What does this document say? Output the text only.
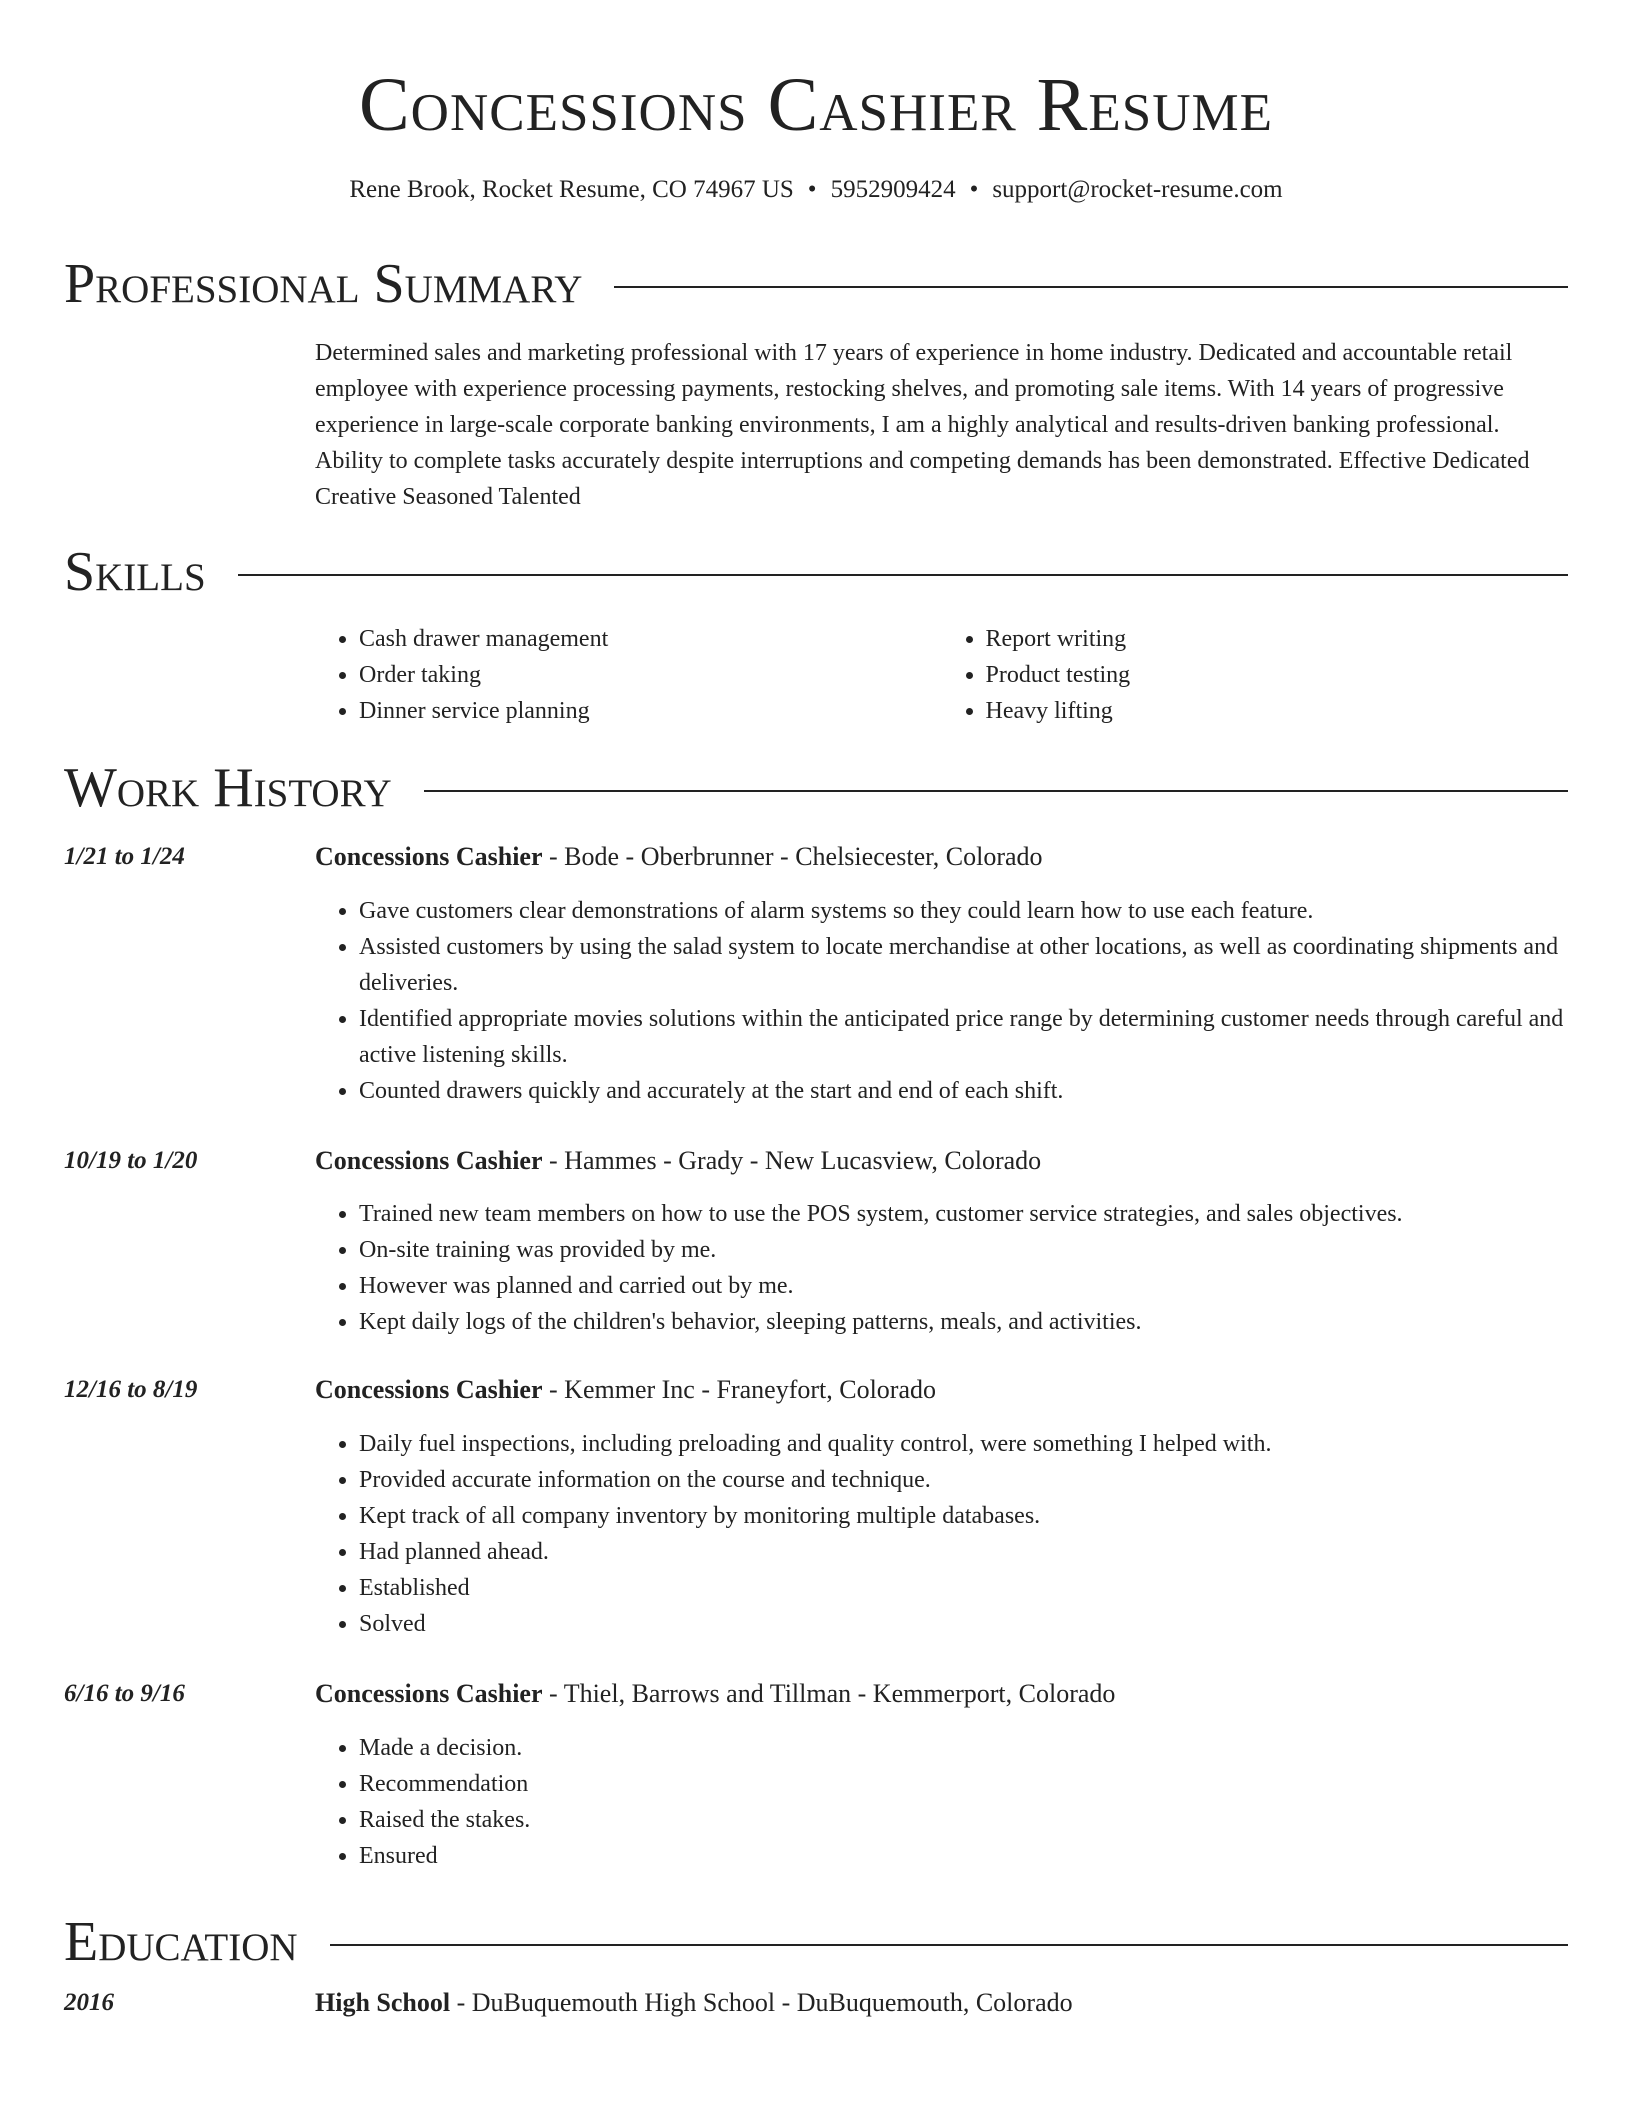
Concessions Cashier Resume
Rene Brook, Rocket Resume, CO 74967 US • 5952909424 • support@rocket-resume.com
Professional Summary
Determined sales and marketing professional with 17 years of experience in home industry. Dedicated and accountable retail employee with experience processing payments, restocking shelves, and promoting sale items. With 14 years of progressive experience in large-scale corporate banking environments, I am a highly analytical and results-driven banking professional. Ability to complete tasks accurately despite interruptions and competing demands has been demonstrated. Effective Dedicated Creative Seasoned Talented
Skills
• Cash drawer management
• Order taking
• Dinner service planning
• Report writing
• Product testing
• Heavy lifting
Work History
1/21 to 1/24	Concessions Cashier - Bode - Oberbrunner - Chelsiecester, Colorado
• Gave customers clear demonstrations of alarm systems so they could learn how to use each feature.
• Assisted customers by using the salad system to locate merchandise at other locations, as well as coordinating shipments and deliveries.
• Identified appropriate movies solutions within the anticipated price range by determining customer needs through careful and active listening skills.
• Counted drawers quickly and accurately at the start and end of each shift.
10/19 to 1/20	Concessions Cashier - Hammes - Grady - New Lucasview, Colorado
• Trained new team members on how to use the POS system, customer service strategies, and sales objectives.
• On-site training was provided by me.
• However was planned and carried out by me.
• Kept daily logs of the children's behavior, sleeping patterns, meals, and activities.
12/16 to 8/19	Concessions Cashier - Kemmer Inc - Franeyfort, Colorado
• Daily fuel inspections, including preloading and quality control, were something I helped with.
• Provided accurate information on the course and technique.
• Kept track of all company inventory by monitoring multiple databases.
• Had planned ahead.
• Established
• Solved
6/16 to 9/16	Concessions Cashier - Thiel, Barrows and Tillman - Kemmerport, Colorado
• Made a decision.
• Recommendation
• Raised the stakes.
• Ensured
Education
2016	High School - DuBuquemouth High School - DuBuquemouth, Colorado
